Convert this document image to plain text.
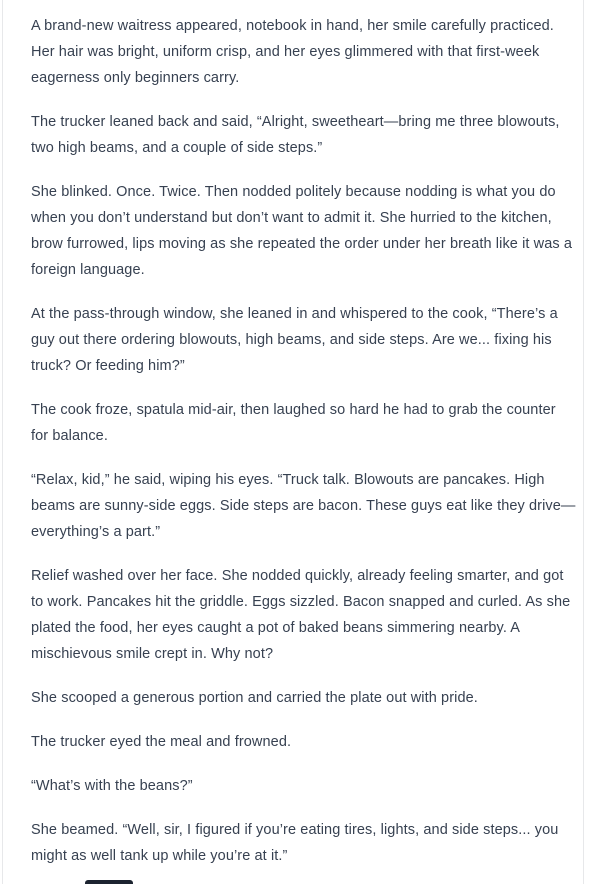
A brand-new waitress appeared, notebook in hand, her smile carefully practiced. Her hair was bright, uniform crisp, and her eyes glimmered with that first-week eagerness only beginners carry.

The trucker leaned back and said, “Alright, sweetheart—bring me three blowouts, two high beams, and a couple of side steps.”

She blinked. Once. Twice. Then nodded politely because nodding is what you do when you don’t understand but don’t want to admit it. She hurried to the kitchen, brow furrowed, lips moving as she repeated the order under her breath like it was a foreign language.

At the pass-through window, she leaned in and whispered to the cook, “There’s a guy out there ordering blowouts, high beams, and side steps. Are we... fixing his truck? Or feeding him?”

The cook froze, spatula mid-air, then laughed so hard he had to grab the counter for balance.

“Relax, kid,” he said, wiping his eyes. “Truck talk. Blowouts are pancakes. High beams are sunny-side eggs. Side steps are bacon. These guys eat like they drive—everything’s a part.”

Relief washed over her face. She nodded quickly, already feeling smarter, and got to work. Pancakes hit the griddle. Eggs sizzled. Bacon snapped and curled. As she plated the food, her eyes caught a pot of baked beans simmering nearby. A mischievous smile crept in. Why not?

She scooped a generous portion and carried the plate out with pride.

The trucker eyed the meal and frowned.

“What’s with the beans?”

She beamed. “Well, sir, I figured if you’re eating tires, lights, and side steps... you might as well tank up while you’re at it.”
